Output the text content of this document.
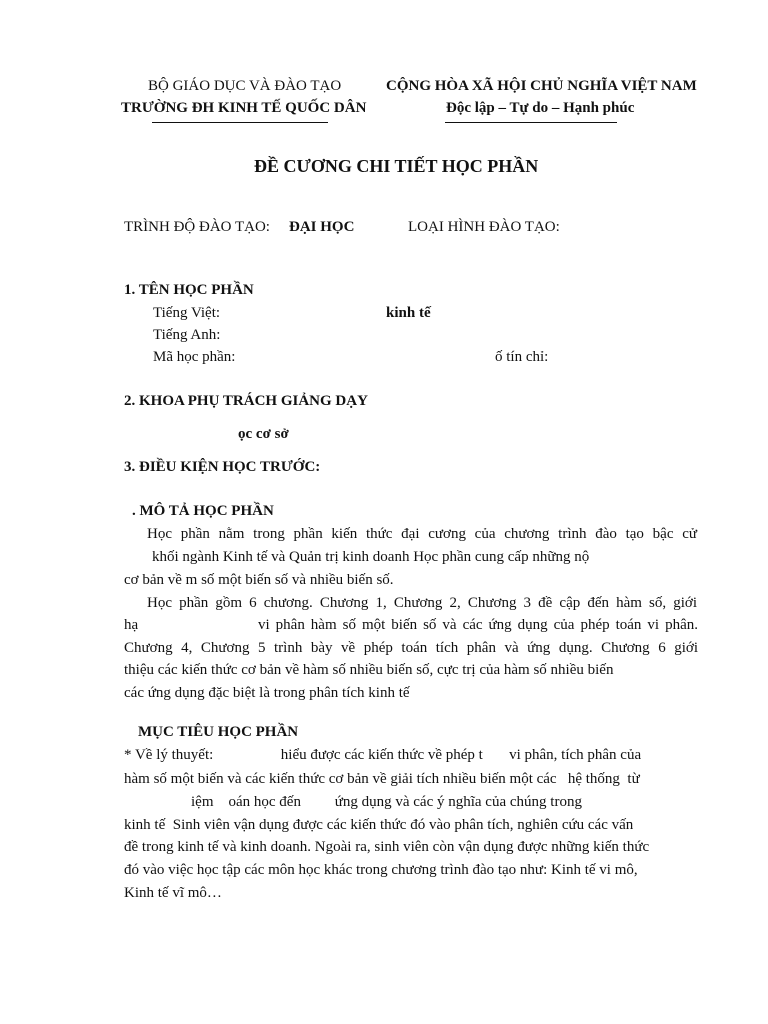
BỘ GIÁO DỤC VÀ ĐÀO TẠO
TRƯỜNG ĐH KINH TẾ QUỐC DÂN
CỘNG HÒA XÃ HỘI CHỦ NGHĨA VIỆT NAM
Độc lập – Tự do – Hạnh phúc
ĐỀ CƯƠNG CHI TIẾT HỌC PHẦN
TRÌNH ĐỘ ĐÀO TẠO: ĐẠI HỌC	LOẠI HÌNH ĐÀO TẠO:
1. TÊN HỌC PHẦN
Tiếng Việt:	kinh tế
Tiếng Anh:
Mã học phần:	ố tín chỉ:
2. KHOA PHỤ TRÁCH GIẢNG DẠY
ọc cơ sở
3. ĐIỀU KIỆN HỌC TRƯỚC:
. MÔ TẢ HỌC PHẦN
Học phần nằm trong phần kiến thức đại cương của chương trình đào tạo bậc cử
khối ngành Kinh tế và Quản trị kinh doanh Học phần cung cấp những nộ
cơ bản về m số một biến số và nhiều biến số.
Học phần gồm 6 chương. Chương 1, Chương 2, Chương 3 đề cập đến hàm số, giới
hạ                    vi phân hàm số một biến số và các ứng dụng của phép toán vi phân.
Chương 4, Chương 5 trình bày về phép toán tích phân và ứng dụng. Chương 6 giới
thiệu các kiến thức cơ bản về hàm số nhiều biến số, cực trị của hàm số nhiều biến
các ứng dụng đặc biệt là trong phân tích kinh tế
MỤC TIÊU HỌC PHẦN
* Về lý thuyết:                  hiểu được các kiến thức về phép t       vi phân, tích phân của
hàm số một biến và các kiến thức cơ bản về giải tích nhiều biến một các   hệ thống  từ
iệm    oán học đến         ứng dụng và các ý nghĩa của chúng trong
kinh tế  Sinh viên vận dụng được các kiến thức đó vào phân tích, nghiên cứu các vấn
đề trong kinh tế và kinh doanh. Ngoài ra, sinh viên còn vận dụng được những kiến thức
đó vào việc học tập các môn học khác trong chương trình đào tạo như: Kinh tế vi mô,
Kinh tế vĩ mô…
